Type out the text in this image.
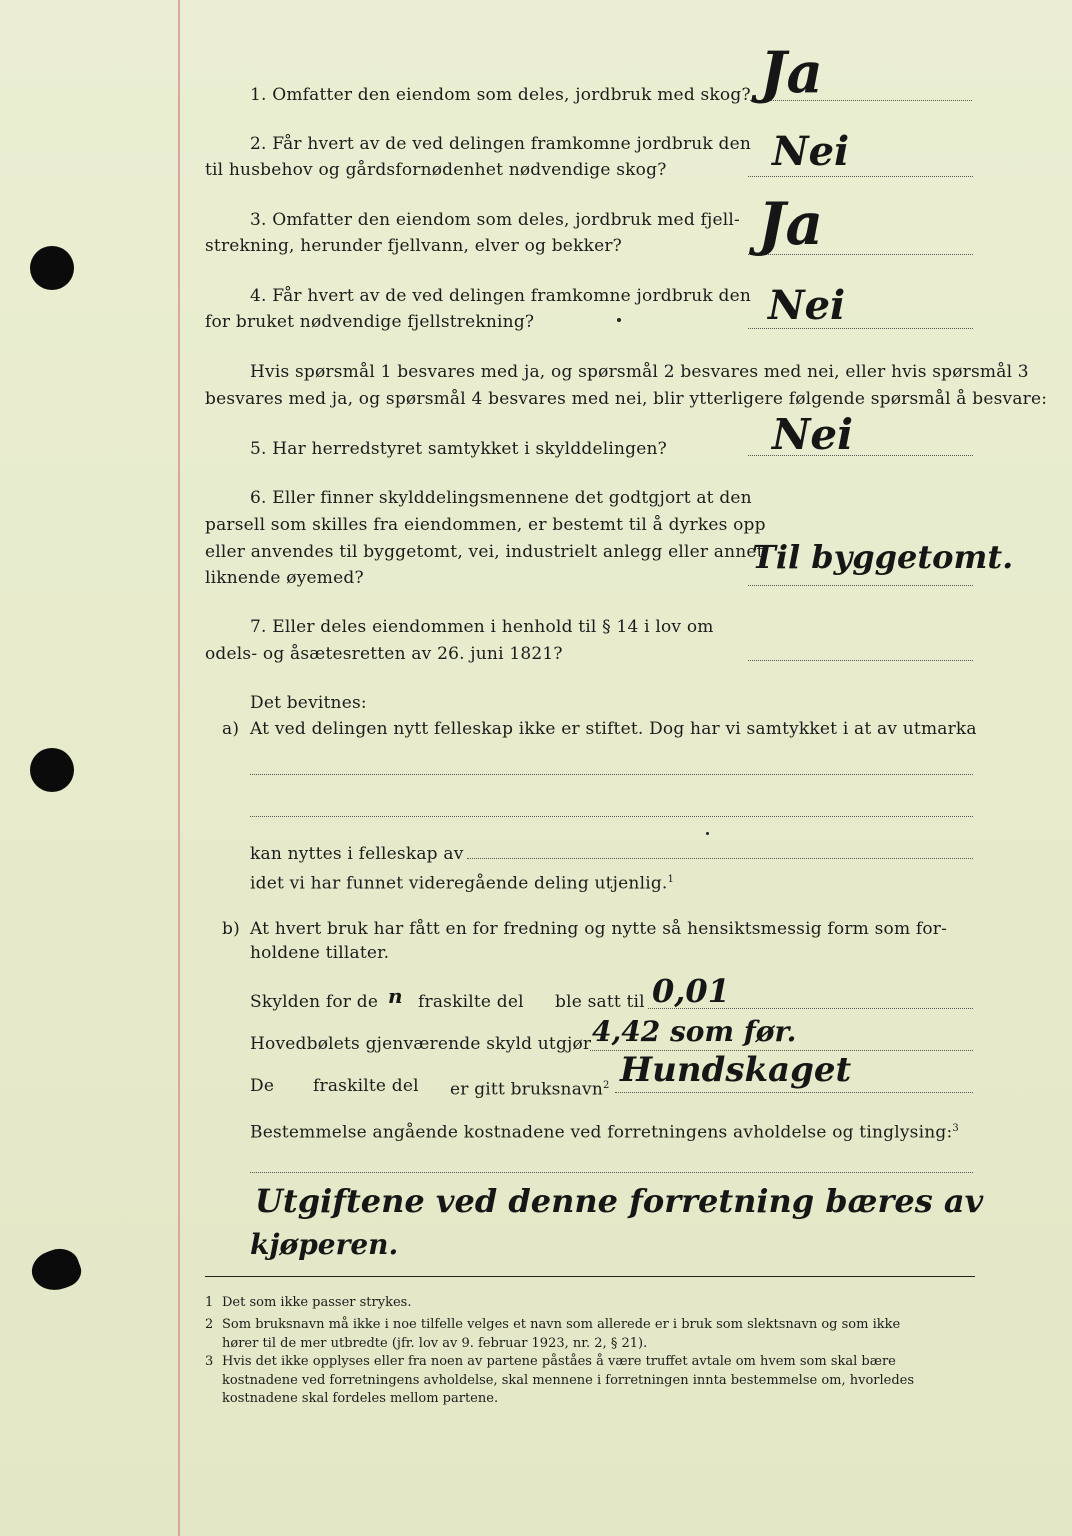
1. Omfatter den eiendom som deles, jordbruk med skog? Ja
2. Får hvert av de ved delingen framkomne jordbruk den
til husbehov og gårdsfornødenhet nødvendige skog?	Nei
3. Omfatter den eiendom som deles, jordbruk med fjell-
strekning, herunder fjellvann, elver og bekker? Ja
4. Får hvert av de ved delingen framkomne jordbruk den
for bruket nødvendige fjellstrekning?	Nei
Hvis spørsmål 1 besvares med ja, og spørsmål 2 besvares med nei, eller hvis spørsmål 3
besvares med ja, og spørsmål 4 besvares med nei, blir ytterligere følgende spørsmål å besvare:
5. Har herredstyret samtykket i skylddelingen?	Nei
6. Eller finner skylddelingsmennene det godtgjort at den
parsell som skilles fra eiendommen, er bestemt til å dyrkes opp
eller anvendes til byggetomt, vei, industrielt anlegg eller annet
liknende øyemed?
Til byggetomt.
7. Eller deles eiendommen i henhold til § 14 i lov om
odels- og åsætesretten av 26. juni 1821?
Det bevitnes:
a) At ved delingen nytt felleskap ikke er stiftet. Dog har vi samtykket i at av utmarka
kan nyttes i felleskap av
idet vi har funnet videregående deling utjenlig.$^1$
b) At hvert bruk har fått en for fredning og nytte så hensiktsmessig form som for-
holdene tillater.
Skylden for de n fraskilte del ble satt til 0,01
Hovedbølets gjenværende skyld utgjør 4,42 som før.
De fraskilte del er gitt bruksnavn$^2$ Hundskaget
Bestemmelse angående kostnadene ved forretningens avholdelse og tinglysing:$^3$
Utgiftene ved denne forretning bæres av
kjøperen.
1 Det som ikke passer strykes.
2 Som bruksnavn må ikke i noe tilfelle velges et navn som allerede er i bruk som slektsnavn og som ikke
hører til de mer utbredte (jfr. lov av 9. februar 1923, nr. 2, § 21).
3 Hvis det ikke opplyses eller fra noen av partene påståes å være truffet avtale om hvem som skal bære
kostnadene ved forretningens avholdelse, skal mennene i forretningen innta bestemmelse om, hvorledes
kostnadene skal fordeles mellom partene.
